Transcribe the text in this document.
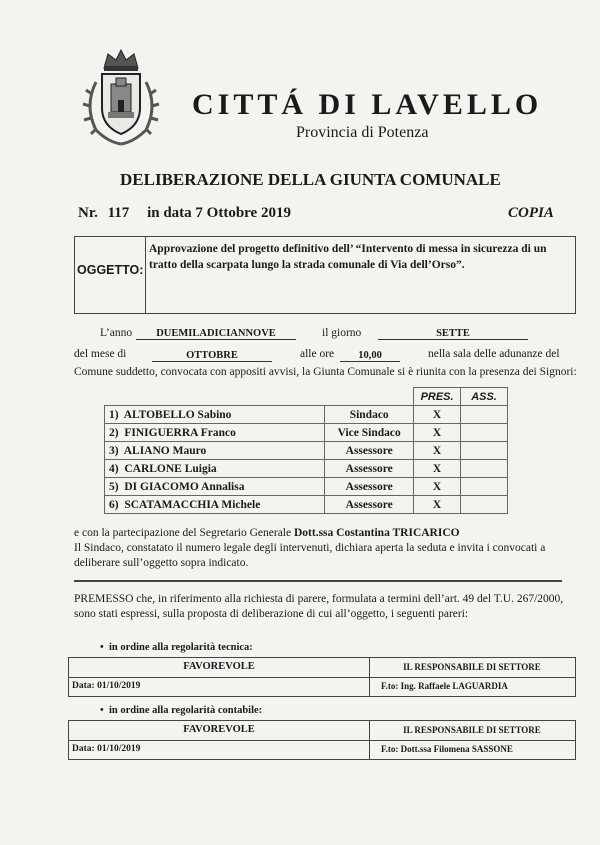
CITTÁ DI LAVELLO
Provincia di Potenza
DELIBERAZIONE DELLA GIUNTA COMUNALE
Nr. 117 in data 7 Ottobre 2019	COPIA
OGGETTO:
Approvazione del progetto definitivo dell’ “Intervento di messa in sicurezza di un tratto della scarpata lungo la strada comunale di Via dell’Orso”.
L’anno	DUEMILADICIANNOVE	il giorno	SETTE
del mese di	OTTOBRE	alle ore	10,00	nella sala delle adunanze del
Comune suddetto, convocata con appositi avvisi, la Giunta Comunale si è riunita con la presenza dei Signori:
		PRES.	ASS.
1) ALTOBELLO Sabino	Sindaco	X	
2) FINIGUERRA Franco	Vice Sindaco	X	
3) ALIANO Mauro	Assessore	X	
4) CARLONE Luigia	Assessore	X	
5) DI GIACOMO Annalisa	Assessore	X	
6) SCATAMACCHIA Michele	Assessore	X	
e con la partecipazione del Segretario Generale Dott.ssa Costantina TRICARICO
Il Sindaco, constatato il numero legale degli intervenuti, dichiara aperta la seduta e invita i convocati a
deliberare sull’oggetto sopra indicato.
PREMESSO che, in riferimento alla richiesta di parere, formulata a termini dell’art. 49 del T.U. 267/2000,
sono stati espressi, sulla proposta di deliberazione di cui all’oggetto, i seguenti pareri:
•  in ordine alla regolarità tecnica:
FAVOREVOLE	IL RESPONSABILE DI SETTORE
Data: 01/10/2019	F.to: Ing. Raffaele LAGUARDIA
•  in ordine alla regolarità contabile:
FAVOREVOLE	IL RESPONSABILE DI SETTORE
Data: 01/10/2019	F.to: Dott.ssa Filomena SASSONE
